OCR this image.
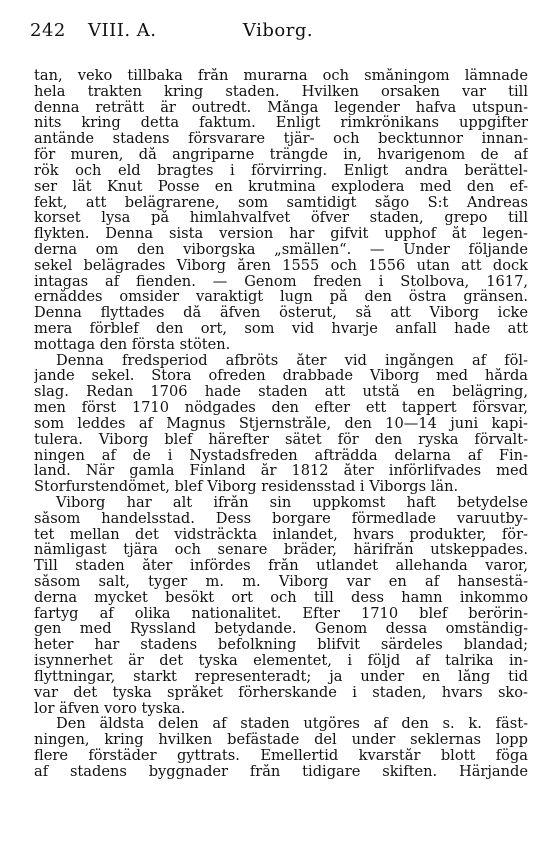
242 VIII. A.	Viborg.
tan, veko tillbaka från murarna och småningom lämnade
hela trakten kring staden. Hvilken orsaken var till
denna reträtt är outredt. Många legender hafva utspun-
nits kring detta faktum. Enligt rimkrönikans uppgifter
antände stadens försvarare tjär- och becktunnor innan-
för muren, då angriparne trängde in, hvarigenom de af
rök och eld bragtes i förvirring. Enligt andra berättel-
ser lät Knut Posse en krutmina explodera med den ef-
fekt, att belägrarene, som samtidigt sågo S:t Andreas
korset lysa på himlahvalfvet öfver staden, grepo till
flykten. Denna sista version har gifvit upphof åt legen-
derna om den viborgska „smällen“. — Under följande
sekel belägrades Viborg åren 1555 och 1556 utan att dock
intagas af fienden. — Genom freden i Stolbova, 1617,
ernåddes omsider varaktigt lugn på den östra gränsen.
Denna flyttades då äfven österut, så att Viborg icke
mera förblef den ort, som vid hvarje anfall hade att
mottaga den första stöten.
Denna fredsperiod afbröts åter vid ingången af föl-
jande sekel. Stora ofreden drabbade Viborg med hårda
slag. Redan 1706 hade staden att utstå en belägring,
men först 1710 nödgades den efter ett tappert försvar,
som leddes af Magnus Stjernstråle, den 10—14 juni kapi-
tulera. Viborg blef härefter sätet för den ryska förvalt-
ningen af de i Nystadsfreden afträdda delarna af Fin-
land. När gamla Finland år 1812 åter införlifvades med
Storfurstendömet, blef Viborg residensstad i Viborgs län.
Viborg har alt ifrån sin uppkomst haft betydelse
såsom handelsstad. Dess borgare förmedlade varuutby-
tet mellan det vidsträckta inlandet, hvars produkter, för-
nämligast tjära och senare bräder, härifrån utskeppades.
Till staden åter infördes från utlandet allehanda varor,
såsom salt, tyger m. m. Viborg var en af hansestä-
derna mycket besökt ort och till dess hamn inkommo
fartyg af olika nationalitet. Efter 1710 blef berörin-
gen med Ryssland betydande. Genom dessa omständig-
heter har stadens befolkning blifvit särdeles blandad;
isynnerhet är det tyska elementet, i följd af talrika in-
flyttningar, starkt representeradt; ja under en lång tid
var det tyska språket förherskande i staden, hvars sko-
lor äfven voro tyska.
Den äldsta delen af staden utgöres af den s. k. fäst-
ningen, kring hvilken befästade del under seklernas lopp
flere förstäder gyttrats. Emellertid kvarstår blott föga
af stadens byggnader från tidigare skiften. Härjande
